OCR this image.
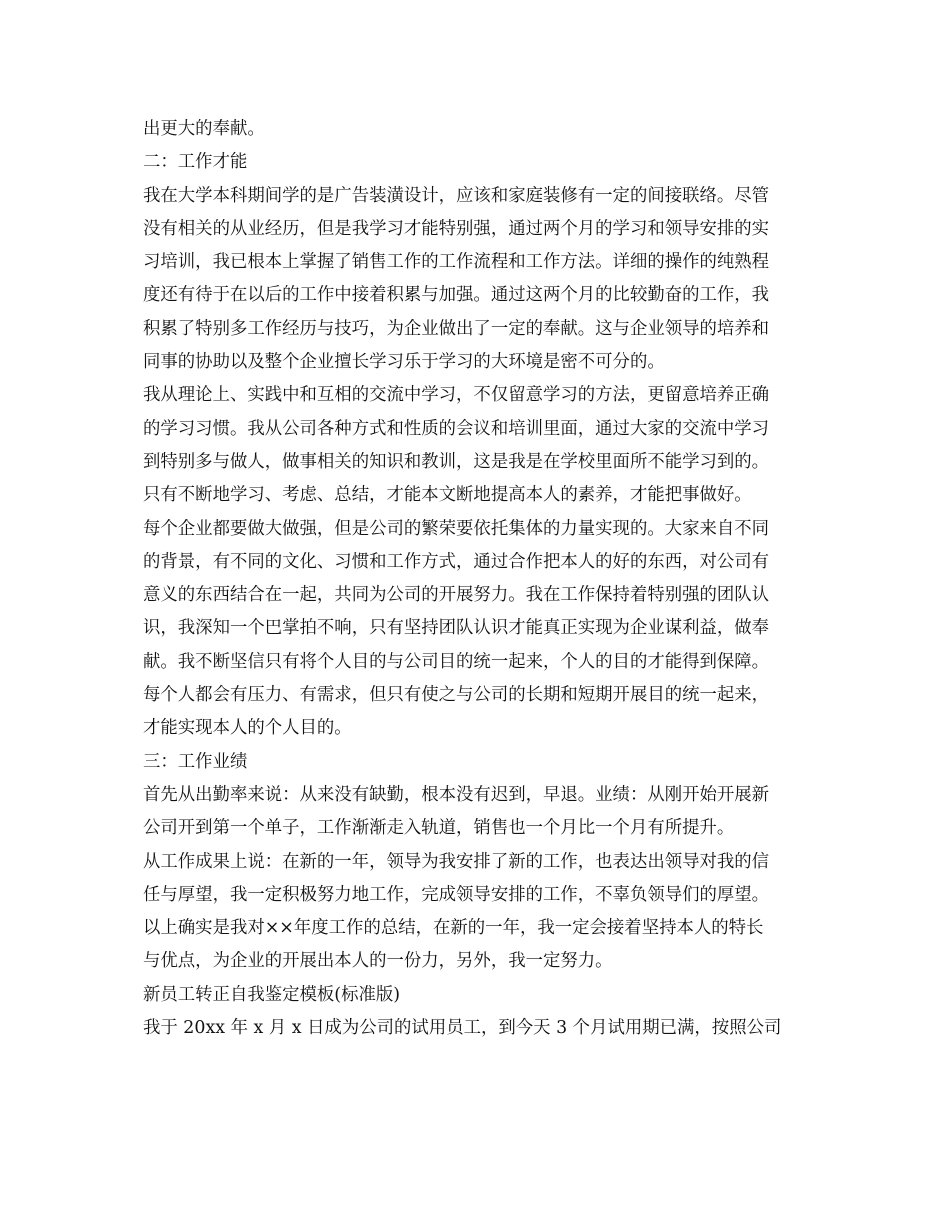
出更大的奉献。
二：工作才能
我在大学本科期间学的是广告装潢设计，应该和家庭装修有一定的间接联络。尽管
没有相关的从业经历，但是我学习才能特别强，通过两个月的学习和领导安排的实
习培训，我已根本上掌握了销售工作的工作流程和工作方法。详细的操作的纯熟程
度还有待于在以后的工作中接着积累与加强。通过这两个月的比较勤奋的工作，我
积累了特别多工作经历与技巧，为企业做出了一定的奉献。这与企业领导的培养和
同事的协助以及整个企业擅长学习乐于学习的大环境是密不可分的。
我从理论上、实践中和互相的交流中学习，不仅留意学习的方法，更留意培养正确
的学习习惯。我从公司各种方式和性质的会议和培训里面，通过大家的交流中学习
到特别多与做人，做事相关的知识和教训，这是我是在学校里面所不能学习到的。
只有不断地学习、考虑、总结，才能本文断地提高本人的素养，才能把事做好。
每个企业都要做大做强，但是公司的繁荣要依托集体的力量实现的。大家来自不同
的背景，有不同的文化、习惯和工作方式，通过合作把本人的好的东西，对公司有
意义的东西结合在一起，共同为公司的开展努力。我在工作保持着特别强的团队认
识，我深知一个巴掌拍不响，只有坚持团队认识才能真正实现为企业谋利益，做奉
献。我不断坚信只有将个人目的与公司目的统一起来，个人的目的才能得到保障。
每个人都会有压力、有需求，但只有使之与公司的长期和短期开展目的统一起来，
才能实现本人的个人目的。
三：工作业绩
首先从出勤率来说：从来没有缺勤，根本没有迟到，早退。业绩：从刚开始开展新
公司开到第一个单子，工作渐渐走入轨道，销售也一个月比一个月有所提升。
从工作成果上说：在新的一年，领导为我安排了新的工作，也表达出领导对我的信
任与厚望，我一定积极努力地工作，完成领导安排的工作，不辜负领导们的厚望。
以上确实是我对××年度工作的总结，在新的一年，我一定会接着坚持本人的特长
与优点，为企业的开展出本人的一份力，另外，我一定努力。
新员工转正自我鉴定模板(标准版)
我于 20xx 年 x 月 x 日成为公司的试用员工，到今天 3 个月试用期已满，按照公司
